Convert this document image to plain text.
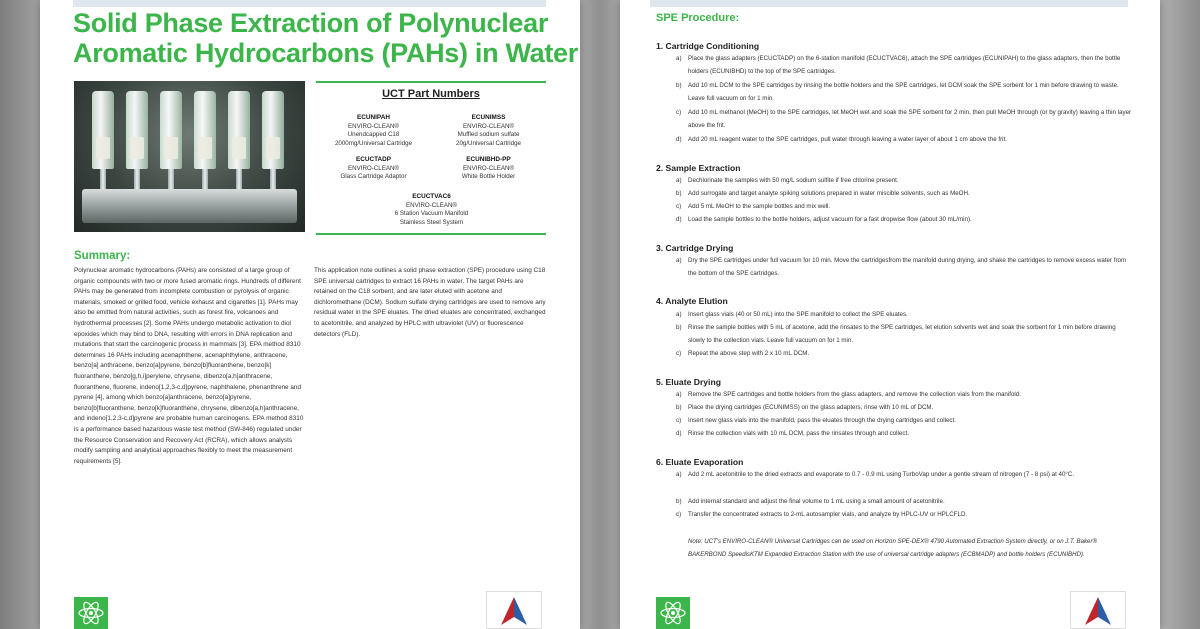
Solid Phase Extraction of Polynuclear
Aromatic Hydrocarbons (PAHs) in Water
UCT Part Numbers
ECUNIPAH
ENVIRO-CLEAN®
Unendcapped C18
2000mg/Universal Cartridge
ECUNIMSS
ENVIRO-CLEAN®
Muffled sodium sulfate
20g/Universal Cartridge
ECUCTADP
ENVIRO-CLEAN®
Glass Cartridge Adaptor
ECUNIBHD-PP
ENVIRO-CLEAN®
White Bottle Holder
ECUCTVAC6
ENVIRO-CLEAN®
6 Station Vacuum Manifold
Stainless Steel System
Summary:

Polynuclear aromatic hydrocarbons (PAHs) are consisted of a large group of organic compounds with two or more fused aromatic rings. Hundreds of different PAHs may be generated from incomplete combustion or pyrolysis of organic materials, smoked or grilled food, vehicle exhaust and cigarettes [1]. PAHs may also be emitted from natural activities, such as forest fire, volcanoes and hydrothermal processes [2]. Some PAHs undergo metabolic activation to diol epoxides which may bind to DNA, resulting with errors in DNA replication and mutations that start the carcinogenic process in mammals [3]. EPA method 8310 determines 16 PAHs including acenaphthene, acenaphthylene, anthracene, benzo[a] anthracene, benzo[a]pyrene, benzo[b]fluoranthene, benzo[k] fluoranthene, benzo[g,h,i]perylene, chrysene, dibenzo[a,h]anthracene, fluoranthene, fluorene, indeno[1,2,3-c,d]pyrene, naphthalene, phenanthrene and pyrene [4], among which benzo[a]anthracene, benzo[a]pyrene, benzo[b]fluoranthene, benzo[k]fluoranthene, chrysene, dibenzo[a,h]anthracene, and indeno[1,2,3-c,d]pyrene are probable human carcinogens. EPA method 8310 is a performance based hazardous waste test method (SW-846) regulated under the Resource Conservation and Recovery Act (RCRA), which allows analysts modify sampling and analytical approaches flexibly to meet the measurement requirements [5].

This application note outlines a solid phase extraction (SPE) procedure using C18 SPE universal cartridges to extract 16 PAHs in water. The target PAHs are retained on the C18 sorbent, and are later eluted with acetone and dichloromethane (DCM). Sodium sulfate drying cartridges are used to remove any residual water in the SPE eluates. The dried eluates are concentrated, exchanged to acetonitrile, and analyzed by HPLC with ultraviolet (UV) or fluorescence detectors (FLD).

SPE Procedure:
1. Cartridge Conditioning
a) Place the glass adapters (ECUCTADP) on the 6-station manifold (ECUCTVAC6), attach the SPE cartridges (ECUNIPAH) to the glass adapters, then the bottle holders (ECUNIBHD) to the top of the SPE cartridges.
b) Add 10 mL DCM to the SPE cartridges by rinsing the bottle holders and the SPE cartridges, let DCM soak the SPE sorbent for 1 min before drawing to waste. Leave full vacuum on for 1 min.
c) Add 10 mL methanol (MeOH) to the SPE cartridges, let MeOH wet and soak the SPE sorbent for 2 min, then pull MeOH through (or by gravity) leaving a thin layer above the frit.
d) Add 20 mL reagent water to the SPE cartridges, pull water through leaving a water layer of about 1 cm above the frit.
2. Sample Extraction
a) Dechlorinate the samples with 50 mg/L sodium sulfite if free chlorine present.
b) Add surrogate and target analyte spiking solutions prepared in water miscible solvents, such as MeOH.
c) Add 5 mL MeOH to the sample bottles and mix well.
d) Load the sample bottles to the bottle holders, adjust vacuum for a fast dropwise flow (about 30 mL/min).
3. Cartridge Drying
a) Dry the SPE cartridges under full vacuum for 10 min. Move the cartridgesfrom the manifold during drying, and shake the cartridges to remove excess water from the bottom of the SPE cartridges.
4. Analyte Elution
a) Insert glass vials (40 or 50 mL) into the SPE manifold to collect the SPE eluates.
b) Rinse the sample bottles with 5 mL of acetone, add the rinsates to the SPE cartridges, let elution solvents wet and soak the sorbent for 1 min before drawing slowly to the collection vials. Leave full vacuum on for 1 min.
c) Repeat the above step with 2 x 10 mL DCM.
5. Eluate Drying
a) Remove the SPE cartridges and bottle holders from the glass adapters, and remove the collection vials from the manifold.
b) Place the drying cartridges (ECUNIMSS) on the glass adapters, rinse with 10 mL of DCM.
c) Insert new glass vials into the manifold, pass the eluates through the drying cartridges and collect.
d) Rinse the collection vials with 10 mL DCM, pass the rinsates through and collect.
6. Eluate Evaporation
a) Add 2 mL acetonitrile to the dried extracts and evaporate to 0.7 - 0.9 mL using TurboVap under a gentle stream of nitrogen (7 - 8 psi) at 40°C.
b) Add internal standard and adjust the final volume to 1 mL using a small amount of acetonitrile.
c) Transfer the concentrated extracts to 2-mL autosampler vials, and analyze by HPLC-UV or HPLCFLD.

Note: UCT's ENVIRO-CLEAN® Universal Cartridges can be used on Horizon SPE-DEX® 4790 Automated Extraction System directly, or on J.T. Baker® BAKERBOND SpeedisKTM Expanded Extraction Station with the use of universal cartridge adapters (ECBMADP) and bottle holders (ECUNIBHD).
